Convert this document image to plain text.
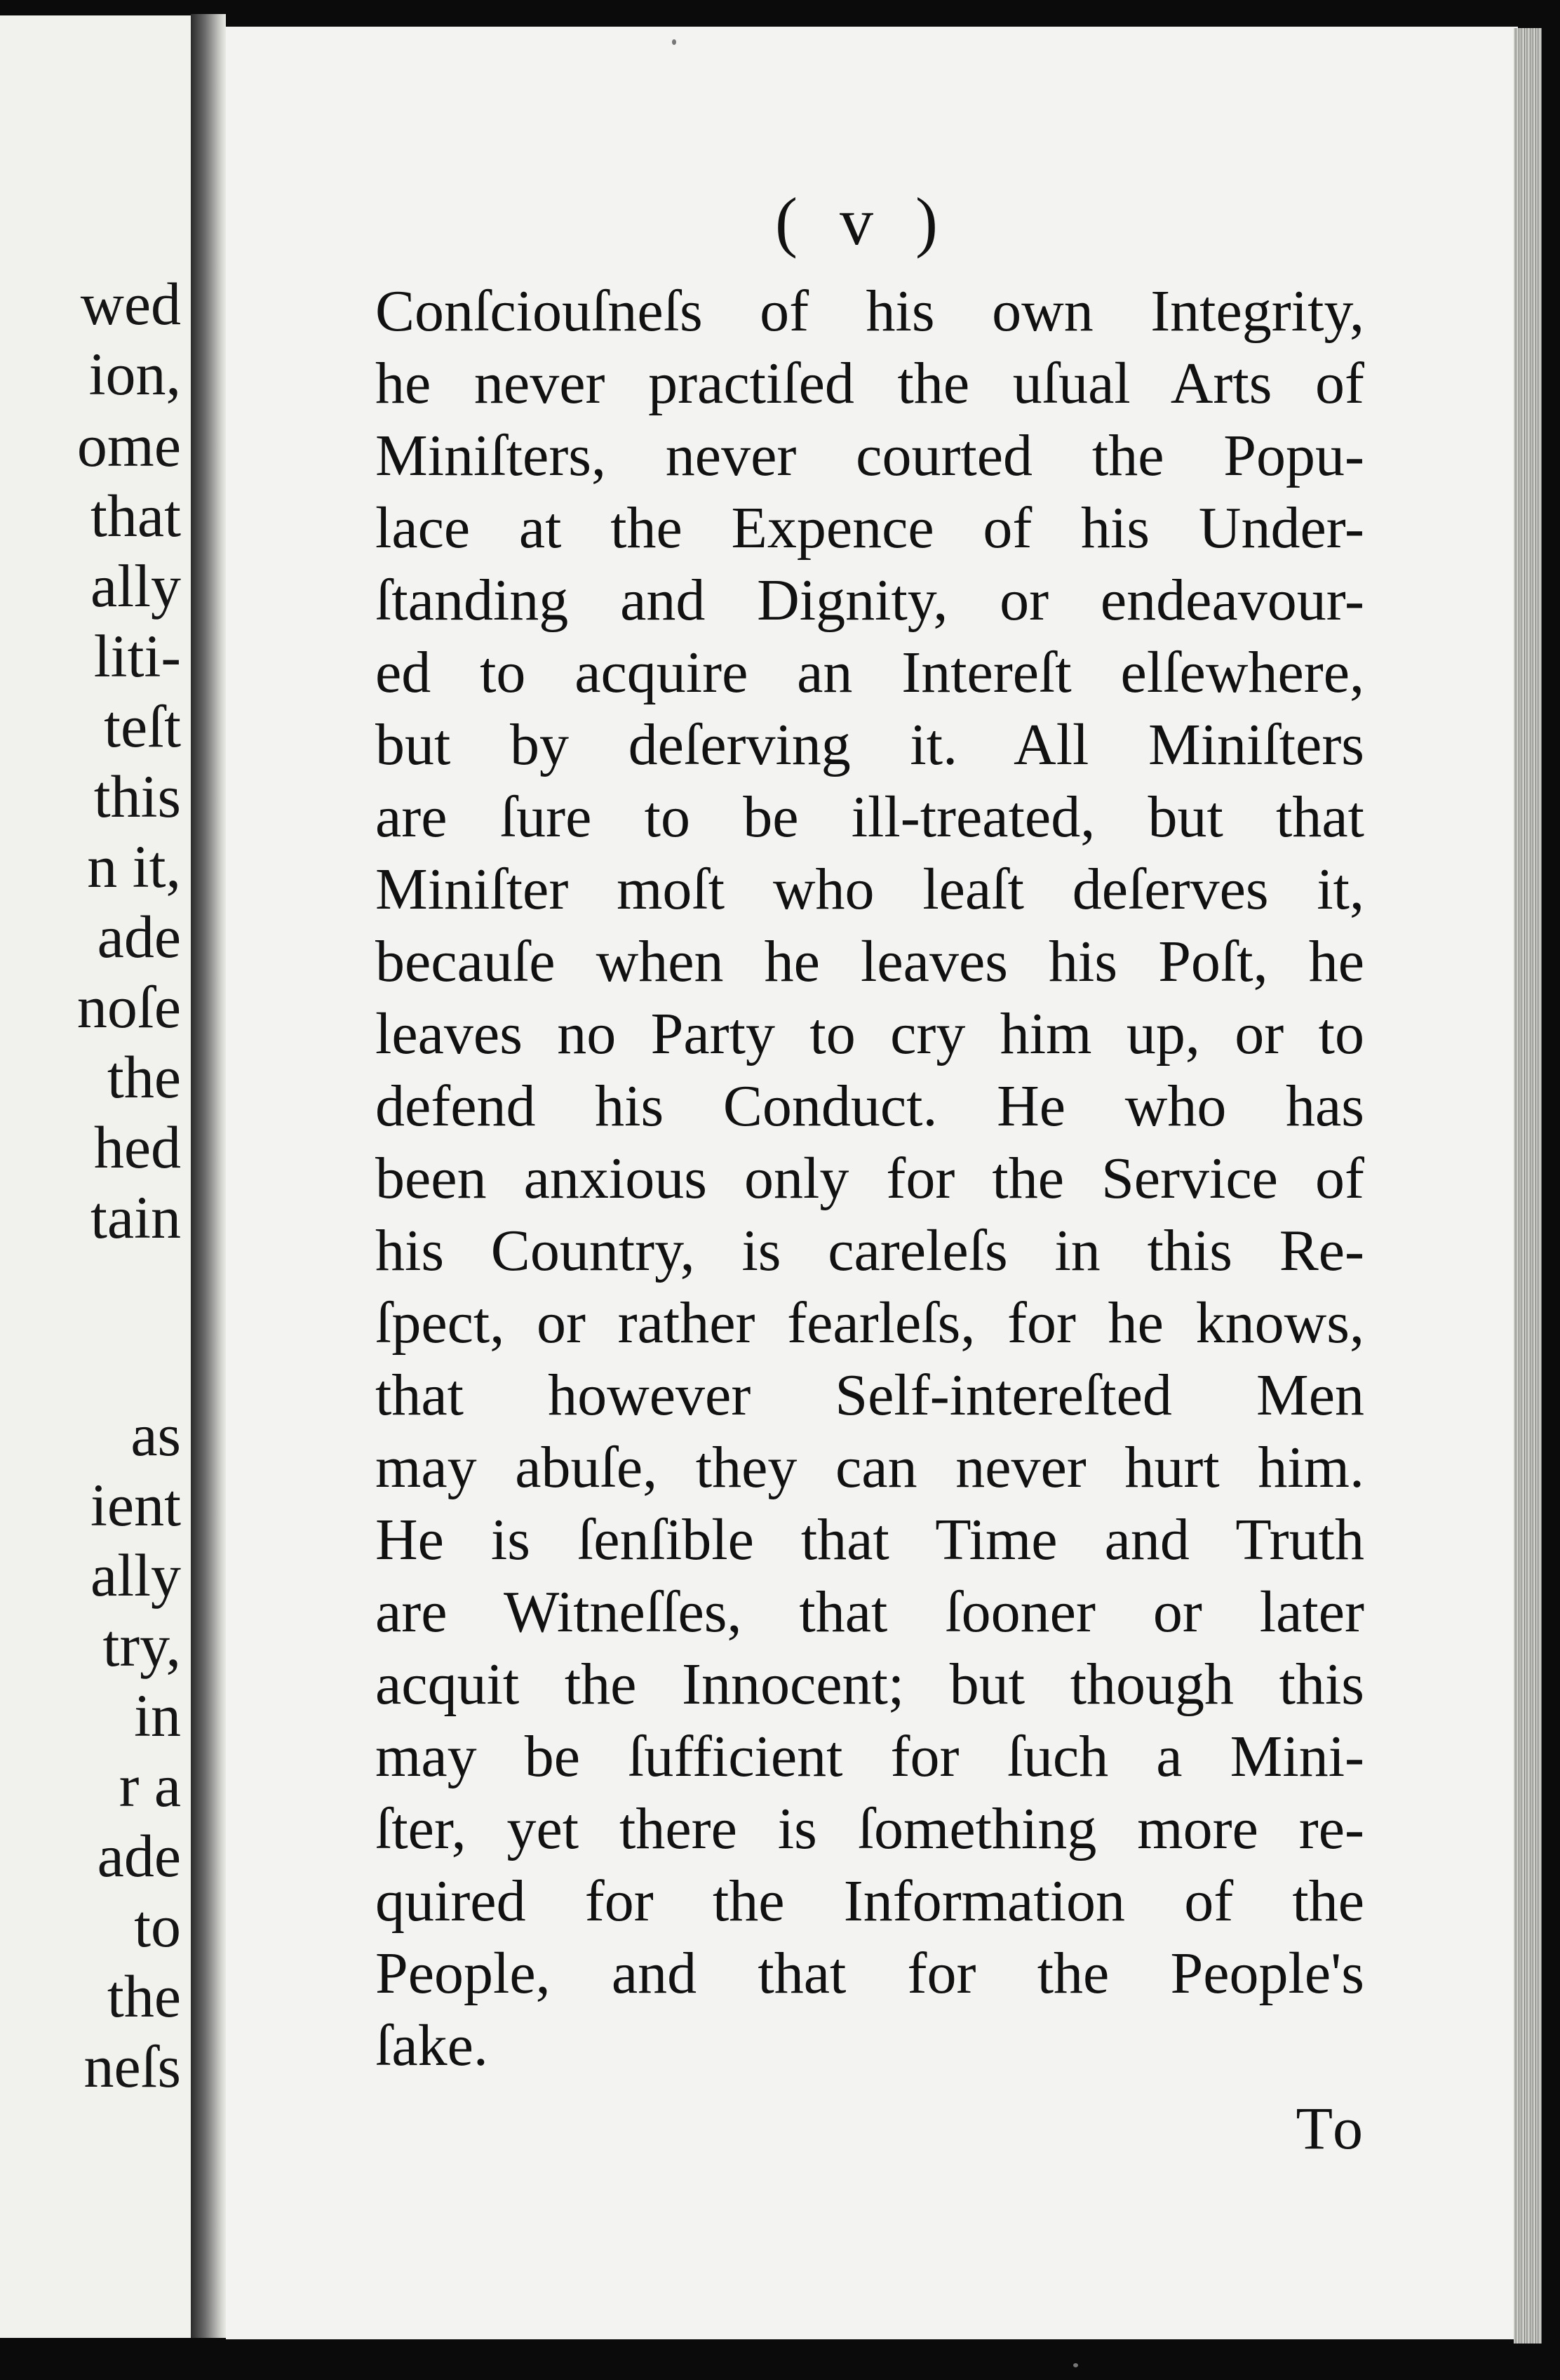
wed
ion,
ome
that
ally
liti-
teſt
this
n it,
ade
noſe
the
hed
tain
as
ient
ally
try,
in
r a
ade
to
the
neſs
( v )
Conſciouſneſs of his own Integrity,
he never practiſed the uſual Arts of
Miniſters, never courted the Popu-
lace at the Expence of his Under-
ſtanding and Dignity, or endeavour-
ed to acquire an Intereſt elſewhere,
but by deſerving it. All Miniſters
are ſure to be ill-treated, but that
Miniſter moſt who leaſt deſerves it,
becauſe when he leaves his Poſt, he
leaves no Party to cry him up, or to
defend his Conduct. He who has
been anxious only for the Service of
his Country, is careleſs in this Re-
ſpect, or rather fearleſs, for he knows,
that however Self-intereſted Men
may abuſe, they can never hurt him.
He is ſenſible that Time and Truth
are Witneſſes, that ſooner or later
acquit the Innocent; but though this
may be ſufficient for ſuch a Mini-
ſter, yet there is ſomething more re-
quired for the Information of the
People, and that for the People's
ſake.
To
